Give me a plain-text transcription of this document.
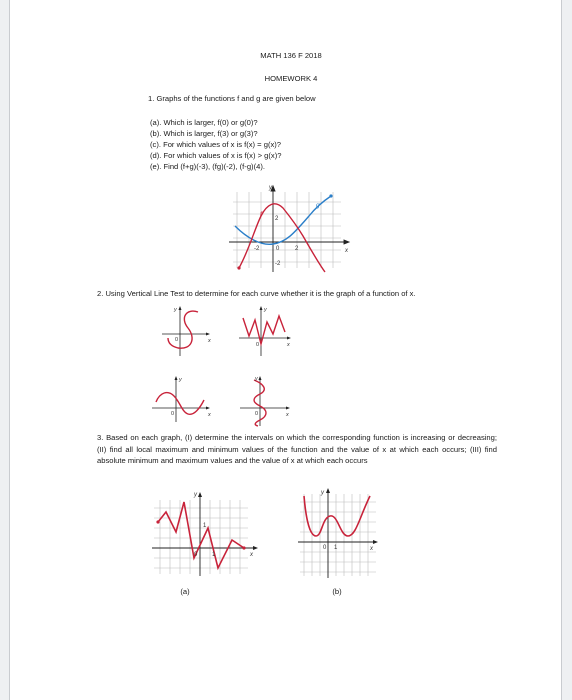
MATH 136 F 2018
HOMEWORK 4
1. Graphs of the functions f and g are given below
(a). Which is larger, f(0) or g(0)?
(b). Which is larger, f(3) or g(3)?
(c). For which values of x is f(x) = g(x)?
(d). For which values of x is f(x) > g(x)?
(e). Find (f+g)(-3), (fg)(-2), (f-g)(4).
y
x
f
g
2
-2
-2	0	2
2. Using Vertical Line Test to determine for each curve whether it is the graph of a function of x.
y
0	x
y
0	x
y
0	x
y
0	x
3. Based on each graph, (I) determine the intervals on which the corresponding function is increasing or decreasing; (II) find all local maximum and minimum values of the function and the value of x at which each occurs; (III) find absolute minimum and maximum values and the value of x at which each occurs
y
0
1
1	x
(a)
y
0 1	x
(b)
